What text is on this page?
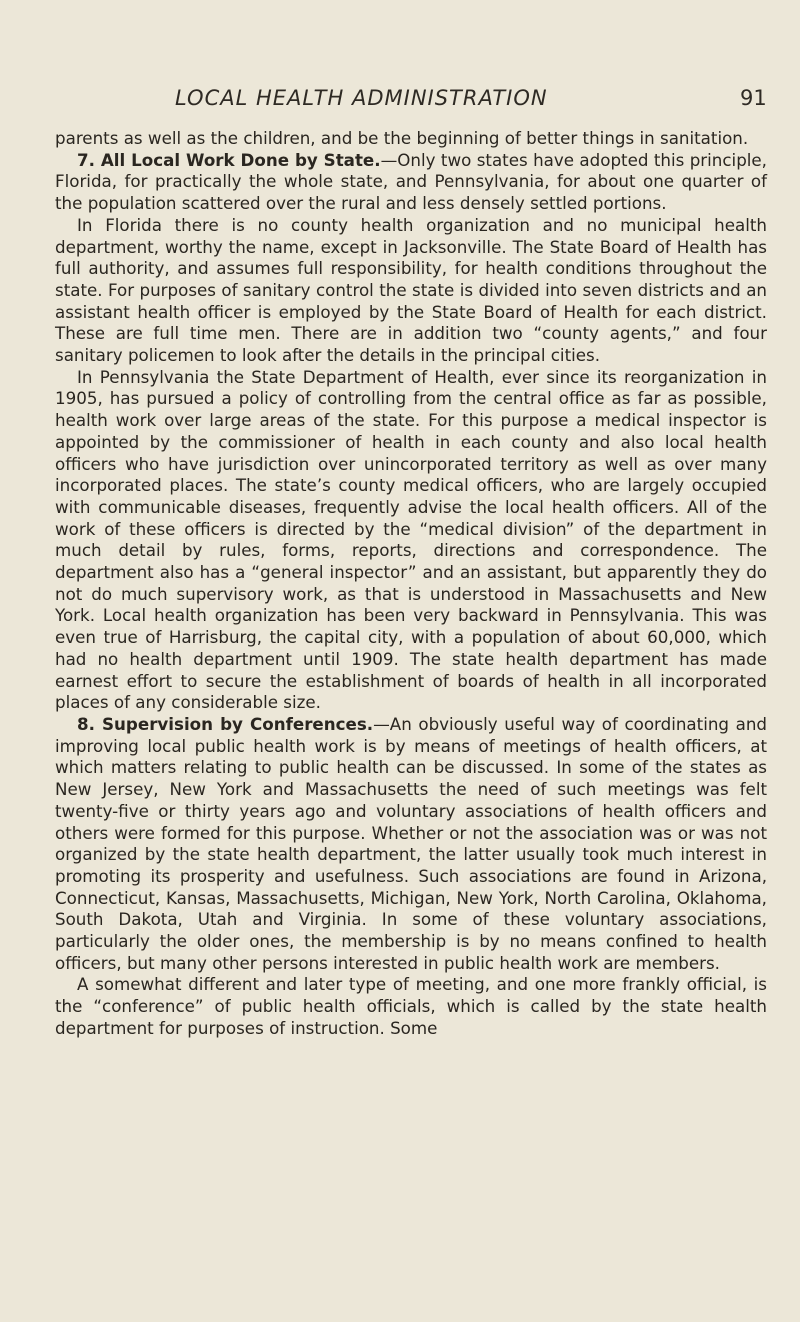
LOCAL HEALTH ADMINISTRATION	91

parents as well as the children, and be the beginning of better things in sanitation.

7. All Local Work Done by State.—Only two states have adopted this principle, Florida, for practically the whole state, and Pennsylvania, for about one quarter of the population scattered over the rural and less densely settled portions.

In Florida there is no county health organization and no municipal health department, worthy the name, except in Jacksonville. The State Board of Health has full authority, and assumes full responsibility, for health conditions throughout the state. For purposes of sanitary control the state is divided into seven districts and an assistant health officer is employed by the State Board of Health for each district. These are full time men. There are in addition two “county agents,” and four sanitary policemen to look after the details in the principal cities.

In Pennsylvania the State Department of Health, ever since its reorganization in 1905, has pursued a policy of controlling from the central office as far as possible, health work over large areas of the state. For this purpose a medical inspector is appointed by the commissioner of health in each county and also local health officers who have jurisdiction over unincorporated territory as well as over many incorporated places. The state’s county medical officers, who are largely occupied with communicable diseases, frequently advise the local health officers. All of the work of these officers is directed by the “medical division” of the department in much detail by rules, forms, reports, directions and correspondence. The department also has a “general inspector” and an assistant, but apparently they do not do much supervisory work, as that is understood in Massachusetts and New York. Local health organization has been very backward in Pennsylvania. This was even true of Harrisburg, the capital city, with a population of about 60,000, which had no health department until 1909. The state health department has made earnest effort to secure the establishment of boards of health in all incorporated places of any considerable size.

8. Supervision by Conferences.—An obviously useful way of coordinating and improving local public health work is by means of meetings of health officers, at which matters relating to public health can be discussed. In some of the states as New Jersey, New York and Massachusetts the need of such meetings was felt twenty-five or thirty years ago and voluntary associations of health officers and others were formed for this purpose. Whether or not the association was or was not organized by the state health department, the latter usually took much interest in promoting its prosperity and usefulness. Such associations are found in Arizona, Connecticut, Kansas, Massachusetts, Michigan, New York, North Carolina, Oklahoma, South Dakota, Utah and Virginia. In some of these voluntary associations, particularly the older ones, the membership is by no means confined to health officers, but many other persons interested in public health work are members.

A somewhat different and later type of meeting, and one more frankly official, is the “conference” of public health officials, which is called by the state health department for purposes of instruction. Some
